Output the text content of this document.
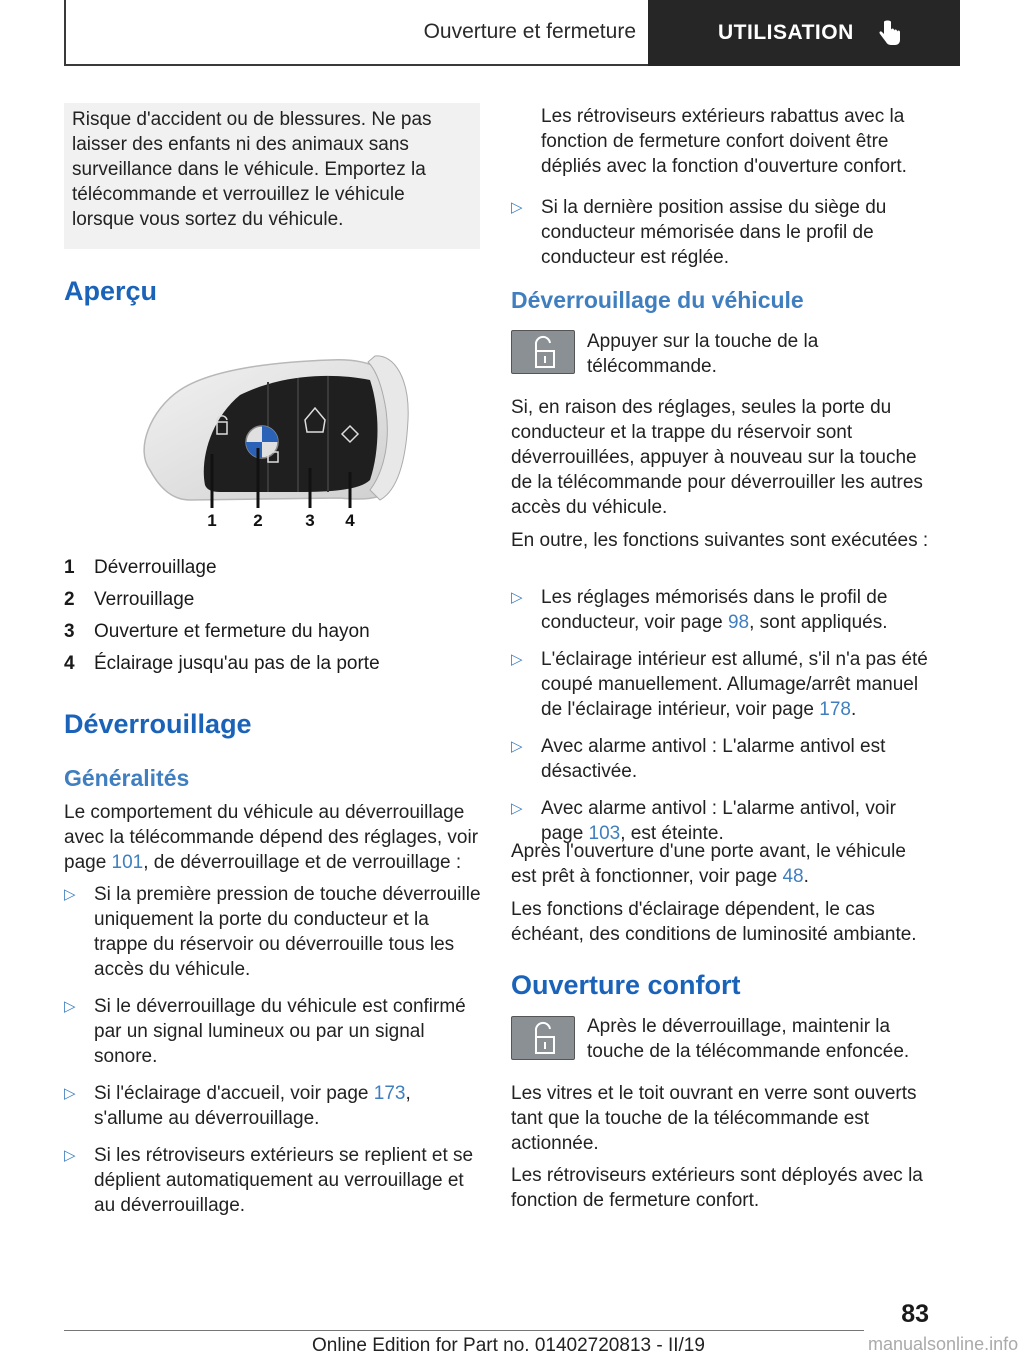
Ouverture et fermeture	UTILISATION
Risque d'accident ou de blessures. Ne pas laisser des enfants ni des animaux sans surveillance dans le véhicule. Emportez la télécommande et verrouillez le véhicule lorsque vous sortez du véhicule.
Aperçu
1 2	3 4
1	Déverrouillage
2	Verrouillage
3	Ouverture et fermeture du hayon
4	Éclairage jusqu'au pas de la porte
Déverrouillage
Généralités

Le comportement du véhicule au déverrouillage avec la télécommande dépend des réglages, voir page 101, de déverrouillage et de verrouillage :

▷ Si la première pression de touche déverrouille uniquement la porte du conducteur et la trappe du réservoir ou déverrouille tous les accès du véhicule.
▷ Si le déverrouillage du véhicule est confirmé par un signal lumineux ou par un signal sonore.
▷ Si l'éclairage d'accueil, voir page 173, s'allume au déverrouillage.
▷ Si les rétroviseurs extérieurs se replient et se déplient automatiquement au verrouillage et au déverrouillage.
Les rétroviseurs extérieurs rabattus avec la fonction de fermeture confort doivent être dépliés avec la fonction d'ouverture confort.
▷ Si la dernière position assise du siège du conducteur mémorisée dans le profil de conducteur est réglée.
Déverrouillage du véhicule

Appuyer sur la touche de la télécommande.

Si, en raison des réglages, seules la porte du conducteur et la trappe du réservoir sont déverrouillées, appuyer à nouveau sur la touche de la télécommande pour déverrouiller les autres accès du véhicule.

En outre, les fonctions suivantes sont exécutées :

▷ Les réglages mémorisés dans le profil de conducteur, voir page 98, sont appliqués.
▷ L'éclairage intérieur est allumé, s'il n'a pas été coupé manuellement. Allumage/arrêt manuel de l'éclairage intérieur, voir page 178.
▷ Avec alarme antivol : L'alarme antivol est désactivée.
▷ Avec alarme antivol : L'alarme antivol, voir page 103, est éteinte.

Après l'ouverture d'une porte avant, le véhicule est prêt à fonctionner, voir page 48.

Les fonctions d'éclairage dépendent, le cas échéant, des conditions de luminosité ambiante.

Ouverture confort

Après le déverrouillage, maintenir la touche de la télécommande enfoncée.

Les vitres et le toit ouvrant en verre sont ouverts tant que la touche de la télécommande est actionnée.

Les rétroviseurs extérieurs sont déployés avec la fonction de fermeture confort.

83
Online Edition for Part no. 01402720813 - II/19	manualsonline.info
